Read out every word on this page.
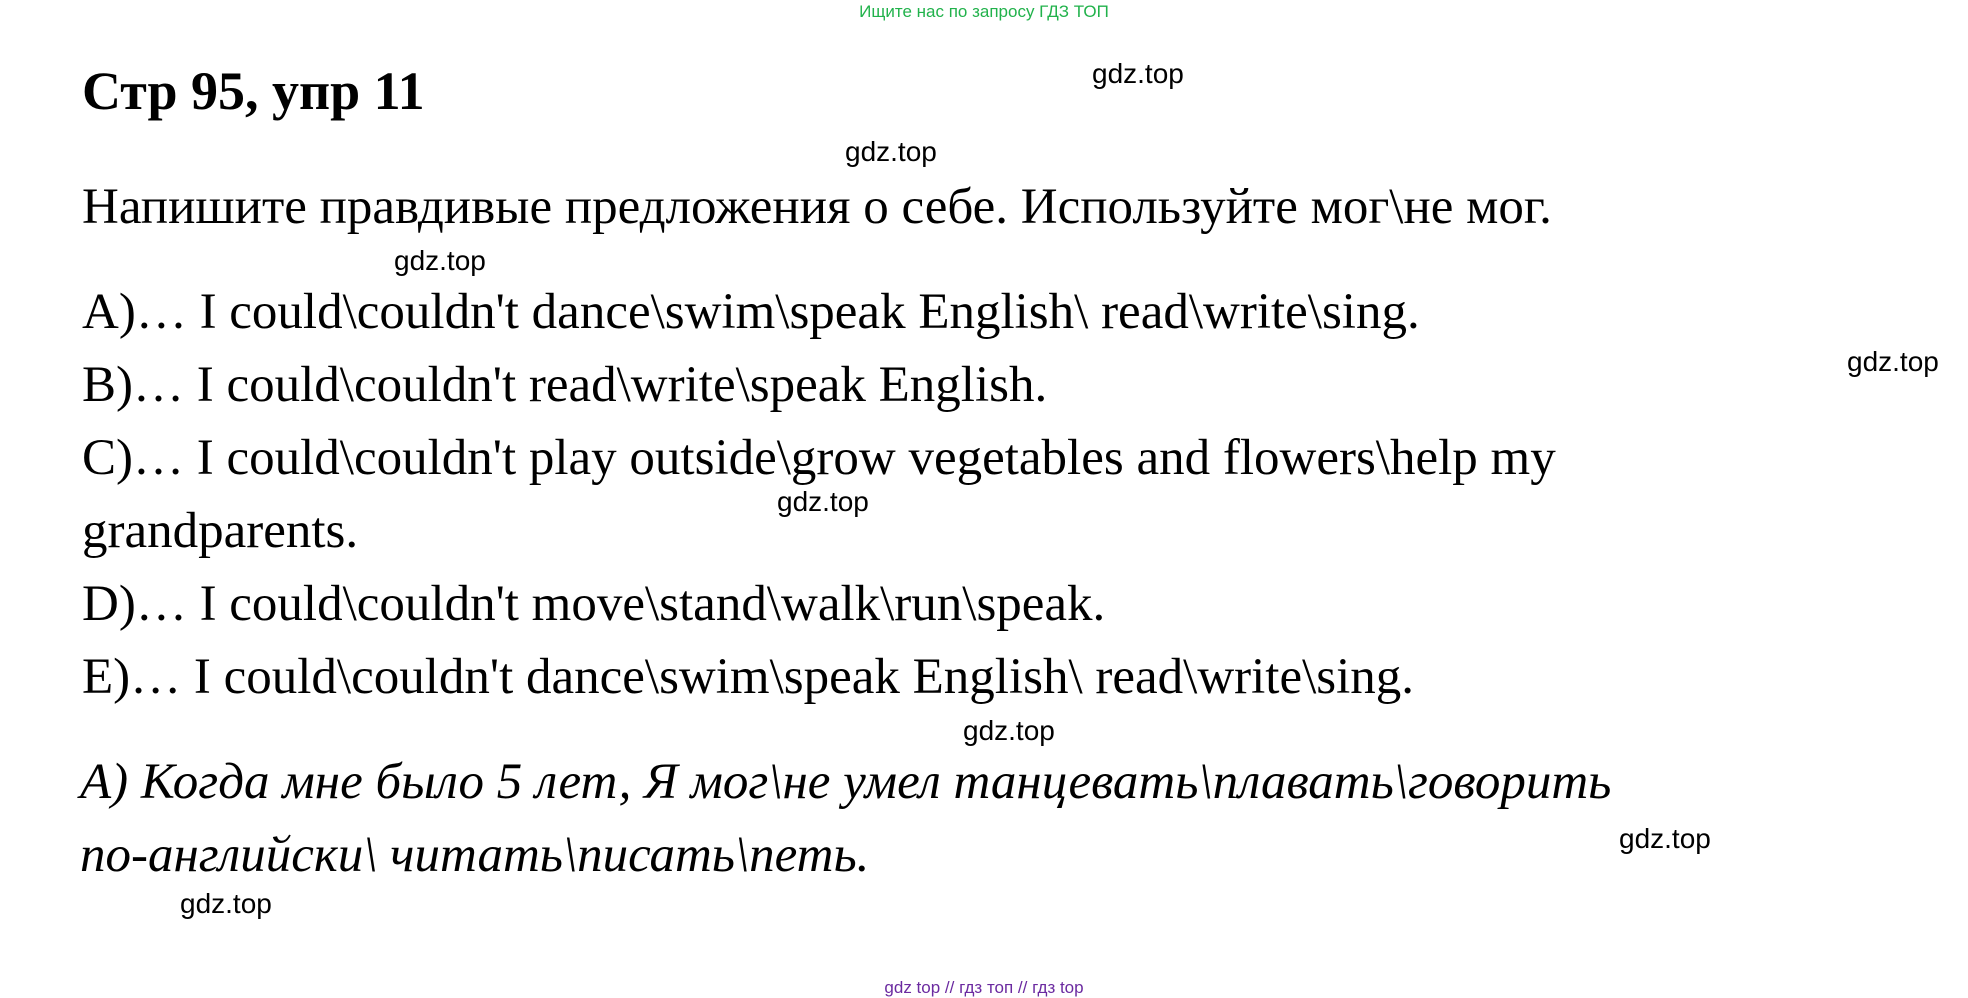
Ищите нас по запросу ГДЗ ТОП
Стр 95, упр 11
Напишите правдивые предложения о себе. Используйте мог\не мог.
A)… I could\couldn't dance\swim\speak English\ read\write\sing.
B)… I could\couldn't read\write\speak English.
C)… I could\couldn't play outside\grow vegetables and flowers\help my
grandparents.
D)… I could\couldn't move\stand\walk\run\speak.
E)… I could\couldn't dance\swim\speak English\ read\write\sing.
A) Когда мне было 5 лет, Я мог\не умел танцевать\плавать\говорить
по-английски\ читать\писать\петь.
gdz.top
gdz.top
gdz.top
gdz.top
gdz.top
gdz.top
gdz.top
gdz.top
gdz top // гдз топ // гдз top
